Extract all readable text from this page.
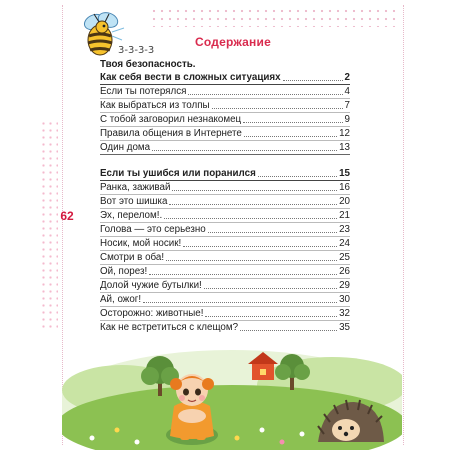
3-3-3-3
Содержание
62
Твоя безопасность.
Как себя вести в сложных ситуациях	2
Если ты потерялся	4
Как выбраться из толпы	7
С тобой заговорил незнакомец	9
Правила общения в Интернете	12
Один дома	13
Если ты ушибся или поранился	15
Ранка, заживай	16
Вот это шишка	20
Эх, перелом!.	21
Голова — это серьезно	23
Носик, мой носик!	24
Смотри в оба!	25
Ой, порез!	26
Долой чужие бутылки!	29
Ай, ожог!	30
Осторожно: животные!	32
Как не встретиться с клещом?	35
